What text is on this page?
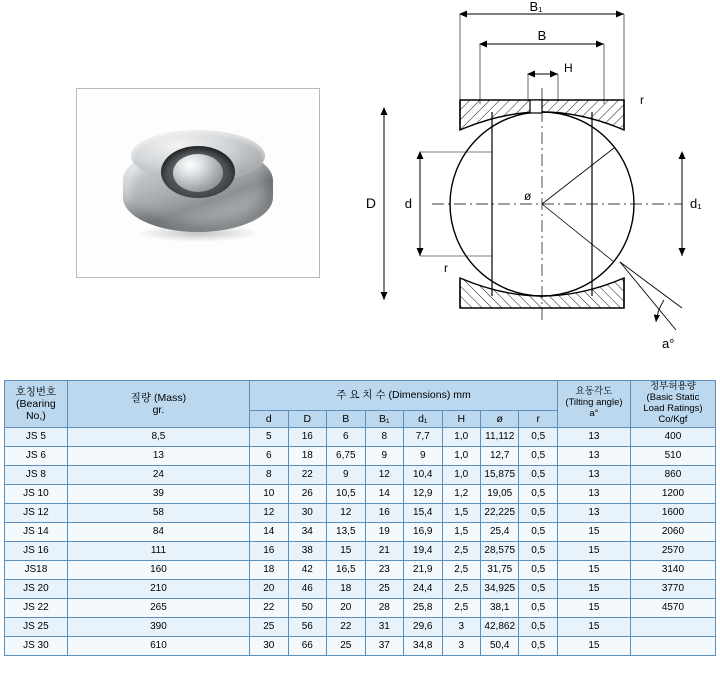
B₁
B
H
D d	d₁
r
r
ø
a°
호칭번호
(Bearing
No,)

질량 (Mass)
gr.
	주 요 치 수 (Dimensions) mm	요동각도
(Tilting angle)
a°

정부허용량
(Basic Static
Load Ratings)
Co/Kgf

		d	D	B	B₁	d₁	H	ø	r		
JS 5	8,5	5	16	6	8	7,7	1,0	11,112	0,5	13	400
JS 6	13	6	18	6,75	9	9	1,0	12,7	0,5	13	510
JS 8	24	8	22	9	12	10,4	1,0	15,875	0,5	13	860
JS 10	39	10	26	10,5	14	12,9	1,2	19,05	0,5	13	1200
JS 12	58	12	30	12	16	15,4	1,5	22,225	0,5	13	1600
JS 14	84	14	34	13,5	19	16,9	1,5	25,4	0,5	15	2060
JS 16	111	16	38	15	21	19,4	2,5	28,575	0,5	15	2570
JS18	160	18	42	16,5	23	21,9	2,5	31,75	0,5	15	3140
JS 20	210	20	46	18	25	24,4	2,5	34,925	0,5	15	3770
JS 22	265	22	50	20	28	25,8	2,5	38,1	0,5	15	4570
JS 25	390	25	56	22	31	29,6	3	42,862	0,5	15	
JS 30	610	30	66	25	37	34,8	3	50,4	0,5	15	
